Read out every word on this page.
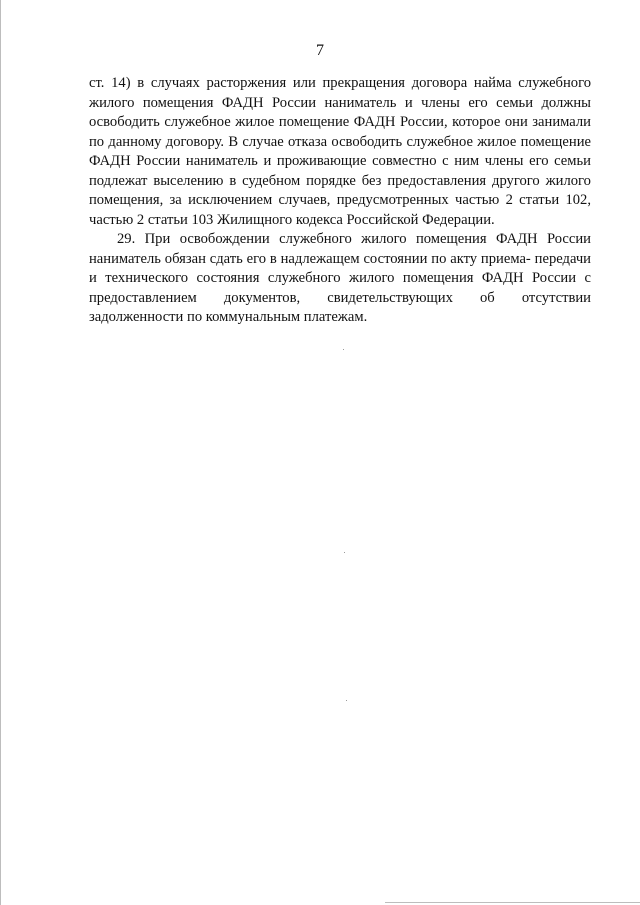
7

ст. 14) в случаях расторжения или прекращения договора найма служебного жилого помещения ФАДН России наниматель и члены его семьи должны освободить служебное жилое помещение ФАДН России, которое они занимали по данному договору. В случае отказа освободить служебное жилое помещение ФАДН России наниматель и проживающие совместно с ним члены его семьи подлежат выселению в судебном порядке без предоставления другого жилого помещения, за исключением случаев, предусмотренных частью 2 статьи 102, частью 2 статьи 103 Жилищного кодекса Российской Федерации.

29. При освобождении служебного жилого помещения ФАДН России наниматель обязан сдать его в надлежащем состоянии по акту приема- передачи и технического состояния служебного жилого помещения ФАДН России с предоставлением документов, свидетельствующих об отсутствии задолженности по коммунальным платежам.
